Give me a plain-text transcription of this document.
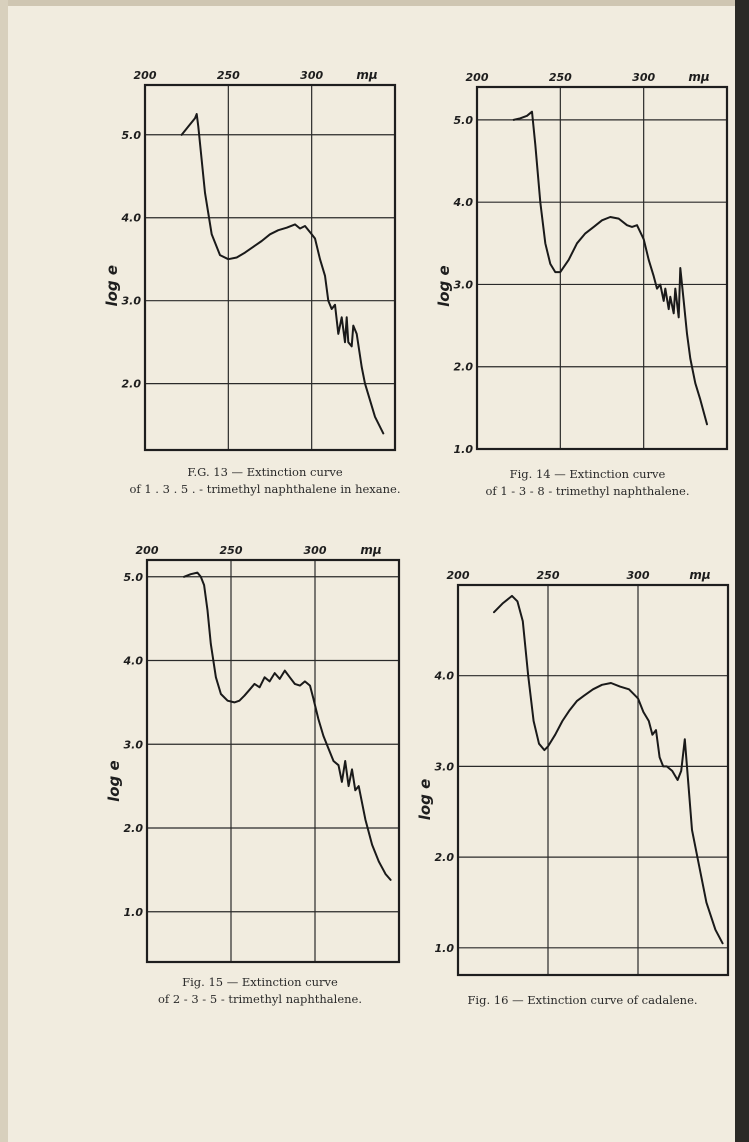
200	250	300	mμ
5.0
4.0
3.0
2.0
log e
F.G. 13 — Extinction curve
of 1 . 3 . 5 . - trimethyl naphthalene in hexane.
200	250	300	mμ
5.0
4.0
3.0
2.0
1.0
log e
Fig. 14 — Extinction curve
of 1 - 3 - 8 - trimethyl naphthalene.
200	250	300	mμ
5.0
4.0
3.0
2.0
1.0
log e
Fig. 15 — Extinction curve
of 2 - 3 - 5 - trimethyl naphthalene.
200	250	300	mμ
4.0
3.0
2.0
1.0
log e
Fig. 16 — Extinction curve of cadalene.
